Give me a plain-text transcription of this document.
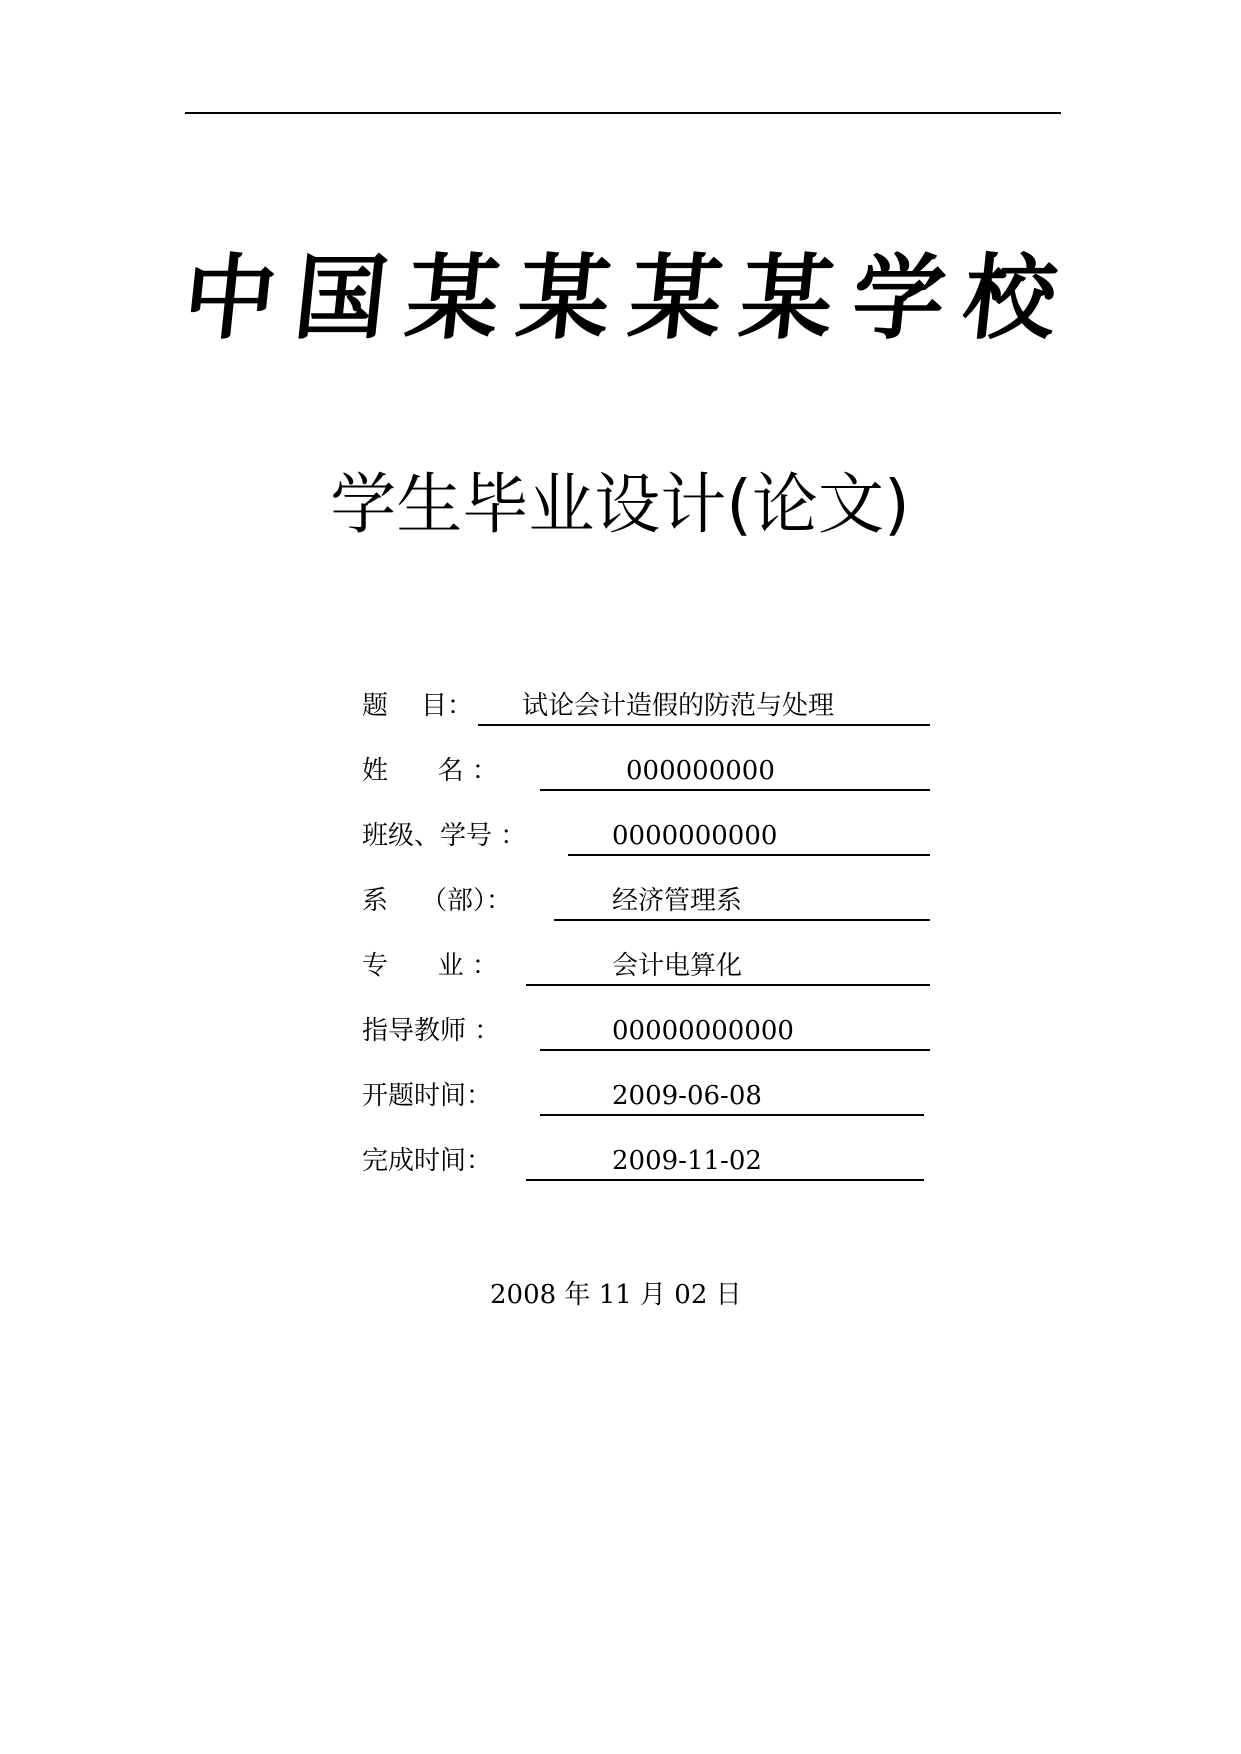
中 国 某 某 某 某 学 校
学生毕业设计(论文)
题    目： 试论会计造假的防范与处理
姓      名 ：	000000000
班级、学号 ：	0000000000
系    （部）：	经济管理系
专      业 ：	会计电算化
指导教师 ：	00000000000
开题时间：	2009-06-08
完成时间：	2009-11-02
2008 年 11 月 02 日
